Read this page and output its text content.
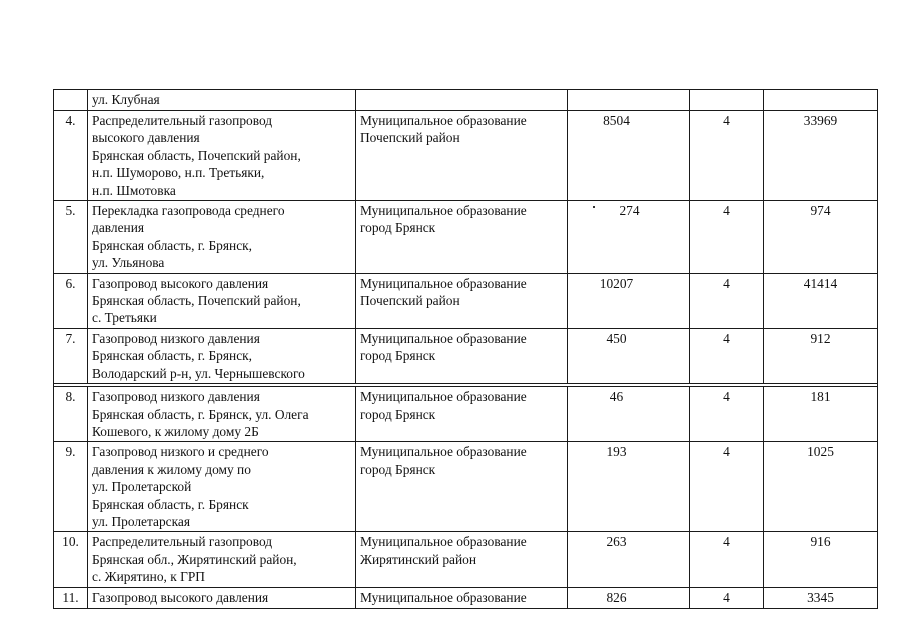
	ул. Клубная				
4.	Распределительный газопровод
высокого давления
Брянская область, Почепский район,
н.п. Шуморово, н.п. Третьяки,
н.п. Шмотовка	Муниципальное образование
Почепский район	8504	4	33969
5.	Перекладка газопровода среднего
давления
Брянская область, г. Брянск,
ул. Ульянова	Муниципальное образование
город Брянск	274	4	974
6.	Газопровод высокого давления
Брянская область, Почепский район,
с. Третьяки	Муниципальное образование
Почепский район	10207	4	41414
7.	Газопровод низкого давления
Брянская область, г. Брянск,
Володарский р-н, ул. Чернышевского	Муниципальное образование
город Брянск	450	4	912

8.	Газопровод низкого давления
Брянская область, г. Брянск, ул. Олега
Кошевого, к жилому дому 2Б	Муниципальное образование
город Брянск	46	4	181
9.	Газопровод низкого и среднего
давления к жилому дому по
ул. Пролетарской
Брянская область, г. Брянск
ул. Пролетарская	Муниципальное образование
город Брянск	193	4	1025
10.	Распределительный газопровод
Брянская обл., Жирятинский район,
с. Жирятино, к ГРП	Муниципальное образование
Жирятинский район	263	4	916
11.	Газопровод высокого давления	Муниципальное образование	826	4	3345
